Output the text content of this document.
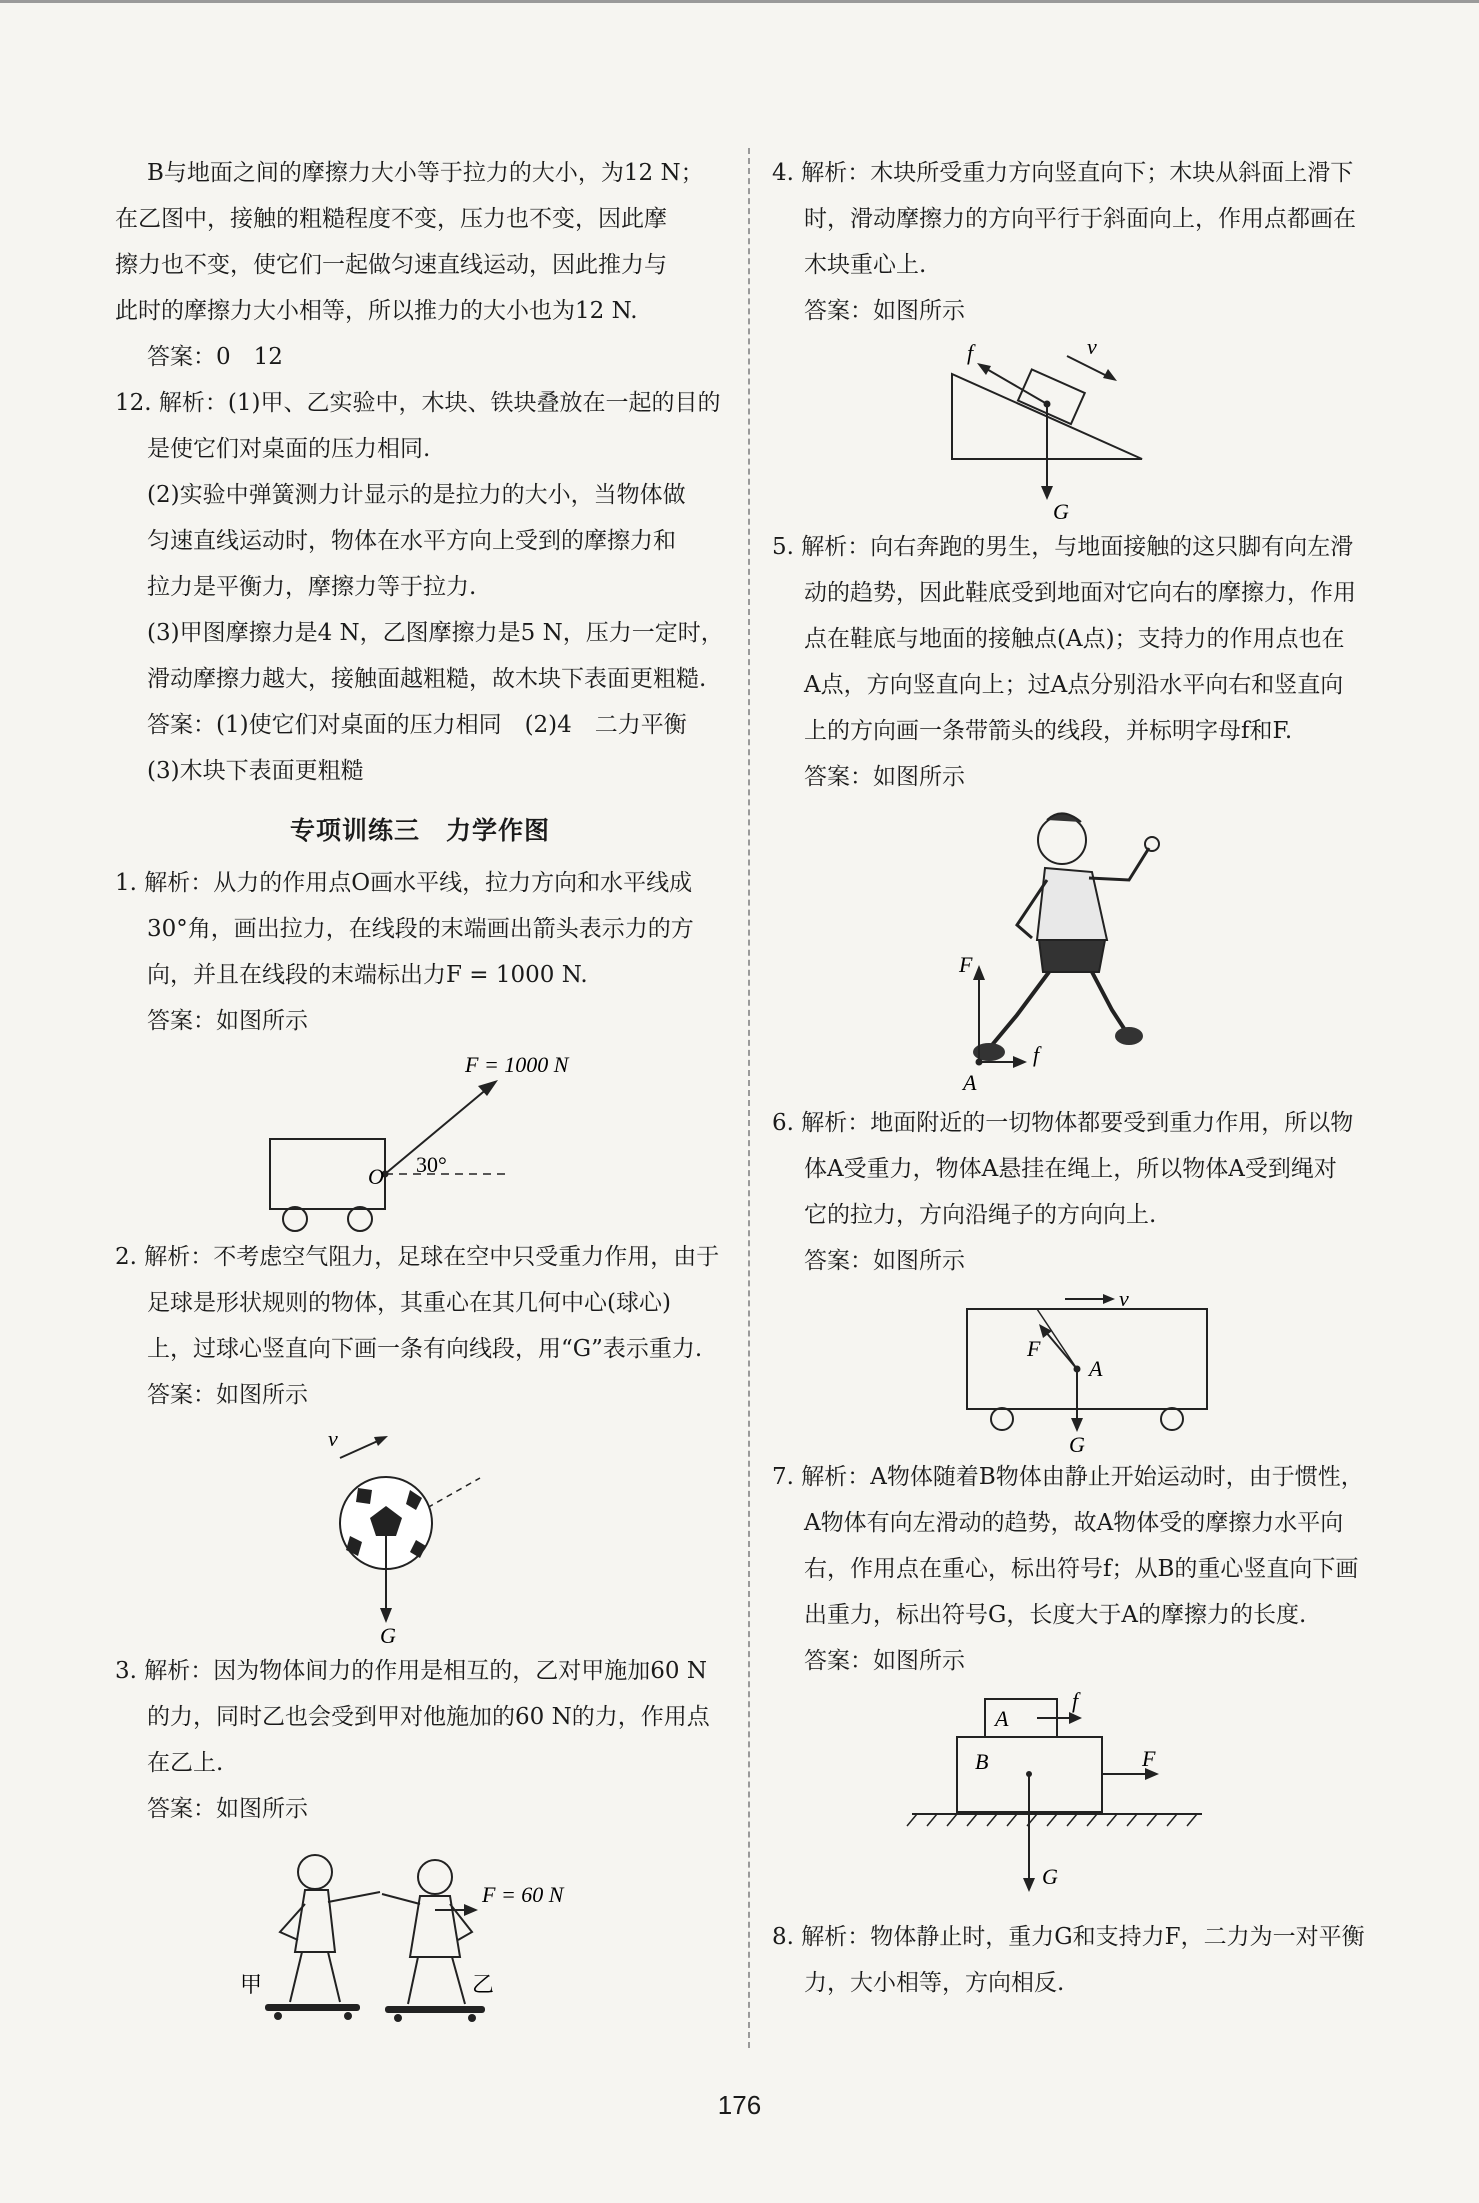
B与地面之间的摩擦力大小等于拉力的大小，为12 N；

在乙图中，接触的粗糙程度不变，压力也不变，因此摩

擦力也不变，使它们一起做匀速直线运动，因此推力与

此时的摩擦力大小相等，所以推力的大小也为12 N.

答案：0　12

12. 解析：(1)甲、乙实验中，木块、铁块叠放在一起的目的

是使它们对桌面的压力相同.

(2)实验中弹簧测力计显示的是拉力的大小，当物体做

匀速直线运动时，物体在水平方向上受到的摩擦力和

拉力是平衡力，摩擦力等于拉力.

(3)甲图摩擦力是4 N，乙图摩擦力是5 N，压力一定时，

滑动摩擦力越大，接触面越粗糙，故木块下表面更粗糙.

答案：(1)使它们对桌面的压力相同　(2)4　二力平衡

(3)木块下表面更粗糙

专项训练三　力学作图

1. 解析：从力的作用点O画水平线，拉力方向和水平线成

30°角，画出拉力，在线段的末端画出箭头表示力的方

向，并且在线段的末端标出力F = 1000 N.

答案：如图所示

O 30°
F = 1000 N

2. 解析：不考虑空气阻力，足球在空中只受重力作用，由于

足球是形状规则的物体，其重心在其几何中心(球心)

上，过球心竖直向下画一条有向线段，用“G”表示重力.

答案：如图所示

v
G

3. 解析：因为物体间力的作用是相互的，乙对甲施加60 N

的力，同时乙也会受到甲对他施加的60 N的力，作用点

在乙上.

答案：如图所示

甲	乙
F = 60 N

4. 解析：木块所受重力方向竖直向下；木块从斜面上滑下

时，滑动摩擦力的方向平行于斜面向上，作用点都画在

木块重心上.

答案：如图所示

f	v
G

5. 解析：向右奔跑的男生，与地面接触的这只脚有向左滑

动的趋势，因此鞋底受到地面对它向右的摩擦力，作用

点在鞋底与地面的接触点(A点)；支持力的作用点也在

A点，方向竖直向上；过A点分别沿水平向右和竖直向

上的方向画一条带箭头的线段，并标明字母f和F.

答案：如图所示

F
f
A

6. 解析：地面附近的一切物体都要受到重力作用，所以物

体A受重力，物体A悬挂在绳上，所以物体A受到绳对

它的拉力，方向沿绳子的方向向上.

答案：如图所示

v
F
A
G

7. 解析：A物体随着B物体由静止开始运动时，由于惯性，

A物体有向左滑动的趋势，故A物体受的摩擦力水平向

右，作用点在重心，标出符号f；从B的重心竖直向下画

出重力，标出符号G，长度大于A的摩擦力的长度.

答案：如图所示

A
f
B	F
G

8. 解析：物体静止时，重力G和支持力F，二力为一对平衡

力，大小相等，方向相反.

176
